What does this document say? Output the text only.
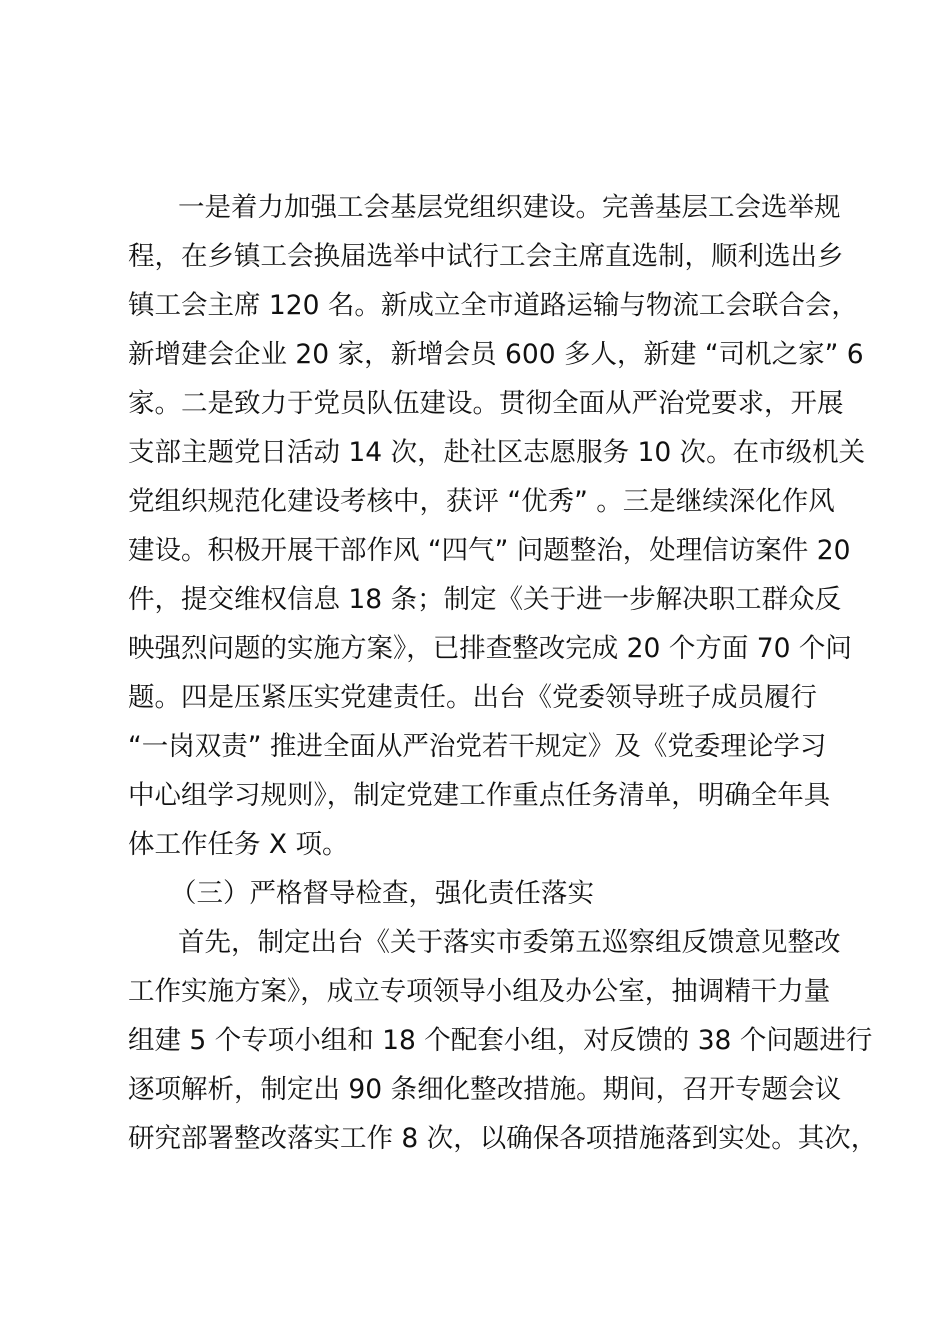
一是着力加强工会基层党组织建设。完善基层工会选举规
程，在乡镇工会换届选举中试行工会主席直选制，顺利选出乡
镇工会主席 120 名。新成立全市道路运输与物流工会联合会，
新增建会企业 20 家，新增会员 600 多人，新建 “司机之家” 6
家。二是致力于党员队伍建设。贯彻全面从严治党要求，开展
支部主题党日活动 14 次，赴社区志愿服务 10 次。在市级机关
党组织规范化建设考核中，获评 “优秀” 。三是继续深化作风
建设。积极开展干部作风 “四气” 问题整治，处理信访案件 20
件，提交维权信息 18 条；制定《关于进一步解决职工群众反
映强烈问题的实施方案》，已排查整改完成 20 个方面 70 个问
题。四是压紧压实党建责任。出台《党委领导班子成员履行
“一岗双责” 推进全面从严治党若干规定》及《党委理论学习
中心组学习规则》，制定党建工作重点任务清单，明确全年具
体工作任务 X 项。
（三）严格督导检查，强化责任落实
首先，制定出台《关于落实市委第五巡察组反馈意见整改
工作实施方案》，成立专项领导小组及办公室，抽调精干力量
组建 5 个专项小组和 18 个配套小组，对反馈的 38 个问题进行
逐项解析，制定出 90 条细化整改措施。期间，召开专题会议
研究部署整改落实工作 8 次，以确保各项措施落到实处。其次，
